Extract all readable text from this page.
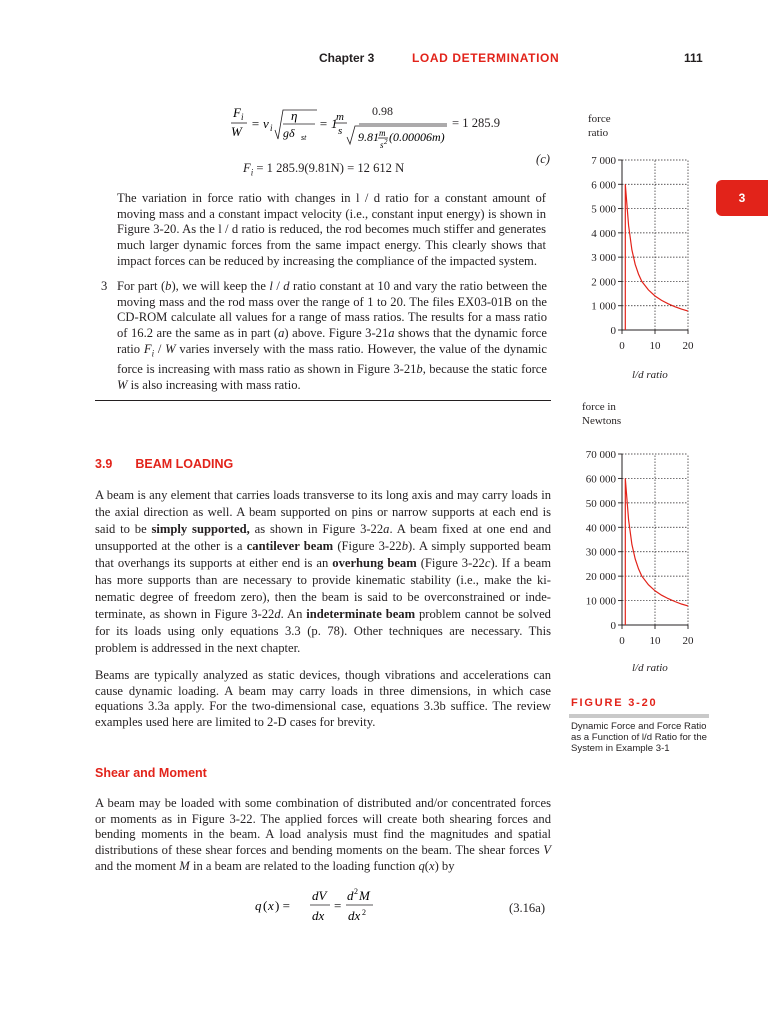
Chapter 3	LOAD DETERMINATION	111
3
F i
W
= v i
η
gδ st
= 1
m
s 9.81 m
s 2 (0.00006m)
0.98
= 1 285.9
$F_i = 1$ 285.9(9.81N) = 12 612 N
(c)
The variation in force ratio with changes in l / d ratio for a constant amount of moving mass and a constant impact velocity (i.e., constant input energy) is shown in Figure 3-20. As the l / d ratio is reduced, the rod becomes much stiffer and generates much larger dynamic forces from the same impact energy. This clearly shows that impact forces can be reduced by increasing the compliance of the impacted system.
3 For part (b), we will keep the l / d ratio constant at 10 and vary the ratio between the moving mass and the rod mass over the range of 1 to 20. The files EX03-01B on the CD-ROM calculate all values for a range of mass ratios. The results for a mass ratio of 16.2 are the same as in part (a) above. Figure 3-21a shows that the dynamic force ratio $F_i$ / W varies inversely with the mass ratio. However, the value of the dynamic force is increasing with mass ratio as shown in Figure 3-21b, because the static force W is also increasing with mass ratio.
3.9 BEAM LOADING
A beam is any element that carries loads transverse to its long axis and may carry loads in the axial direction as well. A beam supported on pins or narrow supports at each end is said to be simply supported, as shown in Figure 3-22a. A beam fixed at one end and unsupported at the other is a cantilever beam (Figure 3-22b). A simply supported beam that overhangs its supports at either end is an overhung beam (Figure 3-22c). If a beam has more supports than are necessary to provide kinematic stability (i.e., make the ki-nematic degree of freedom zero), then the beam is said to be overconstrained or inde-terminate, as shown in Figure 3-22d. An indeterminate beam problem cannot be solved for its loads using only equations 3.3 (p. 78). Other techniques are necessary. This problem is addressed in the next chapter.
Beams are typically analyzed as static devices, though vibrations and accelerations can cause dynamic loading. A beam may carry loads in three dimensions, in which case equations 3.3a apply. For the two-dimensional case, equations 3.3b suffice. The review examples used here are limited to 2-D cases for brevity.
Shear and Moment
A beam may be loaded with some combination of distributed and/or concentrated forces or moments as in Figure 3-22. The applied forces will create both shearing forces and bending moments in the beam. A load analysis must find the magnitudes and spatial distributions of these shear forces and bending moments on the beam. The shear forces V and the moment M in a beam are related to the loading function q(x) by
q ( x ) =
dV
dx
=
d 2 M
dx 2	(3.16a)
force ratio
0
1 000
2 000
3 000
4 000
5 000
6 000
7 000
0 10 20
l/d ratio
force in Newtons
0
10 000
20 000
30 000
40 000
50 000
60 000
70 000
0 10 20
l/d ratio
FIGURE 3-20
Dynamic Force and Force Ratio as a Function of l/d Ratio for the System in Example 3-1
